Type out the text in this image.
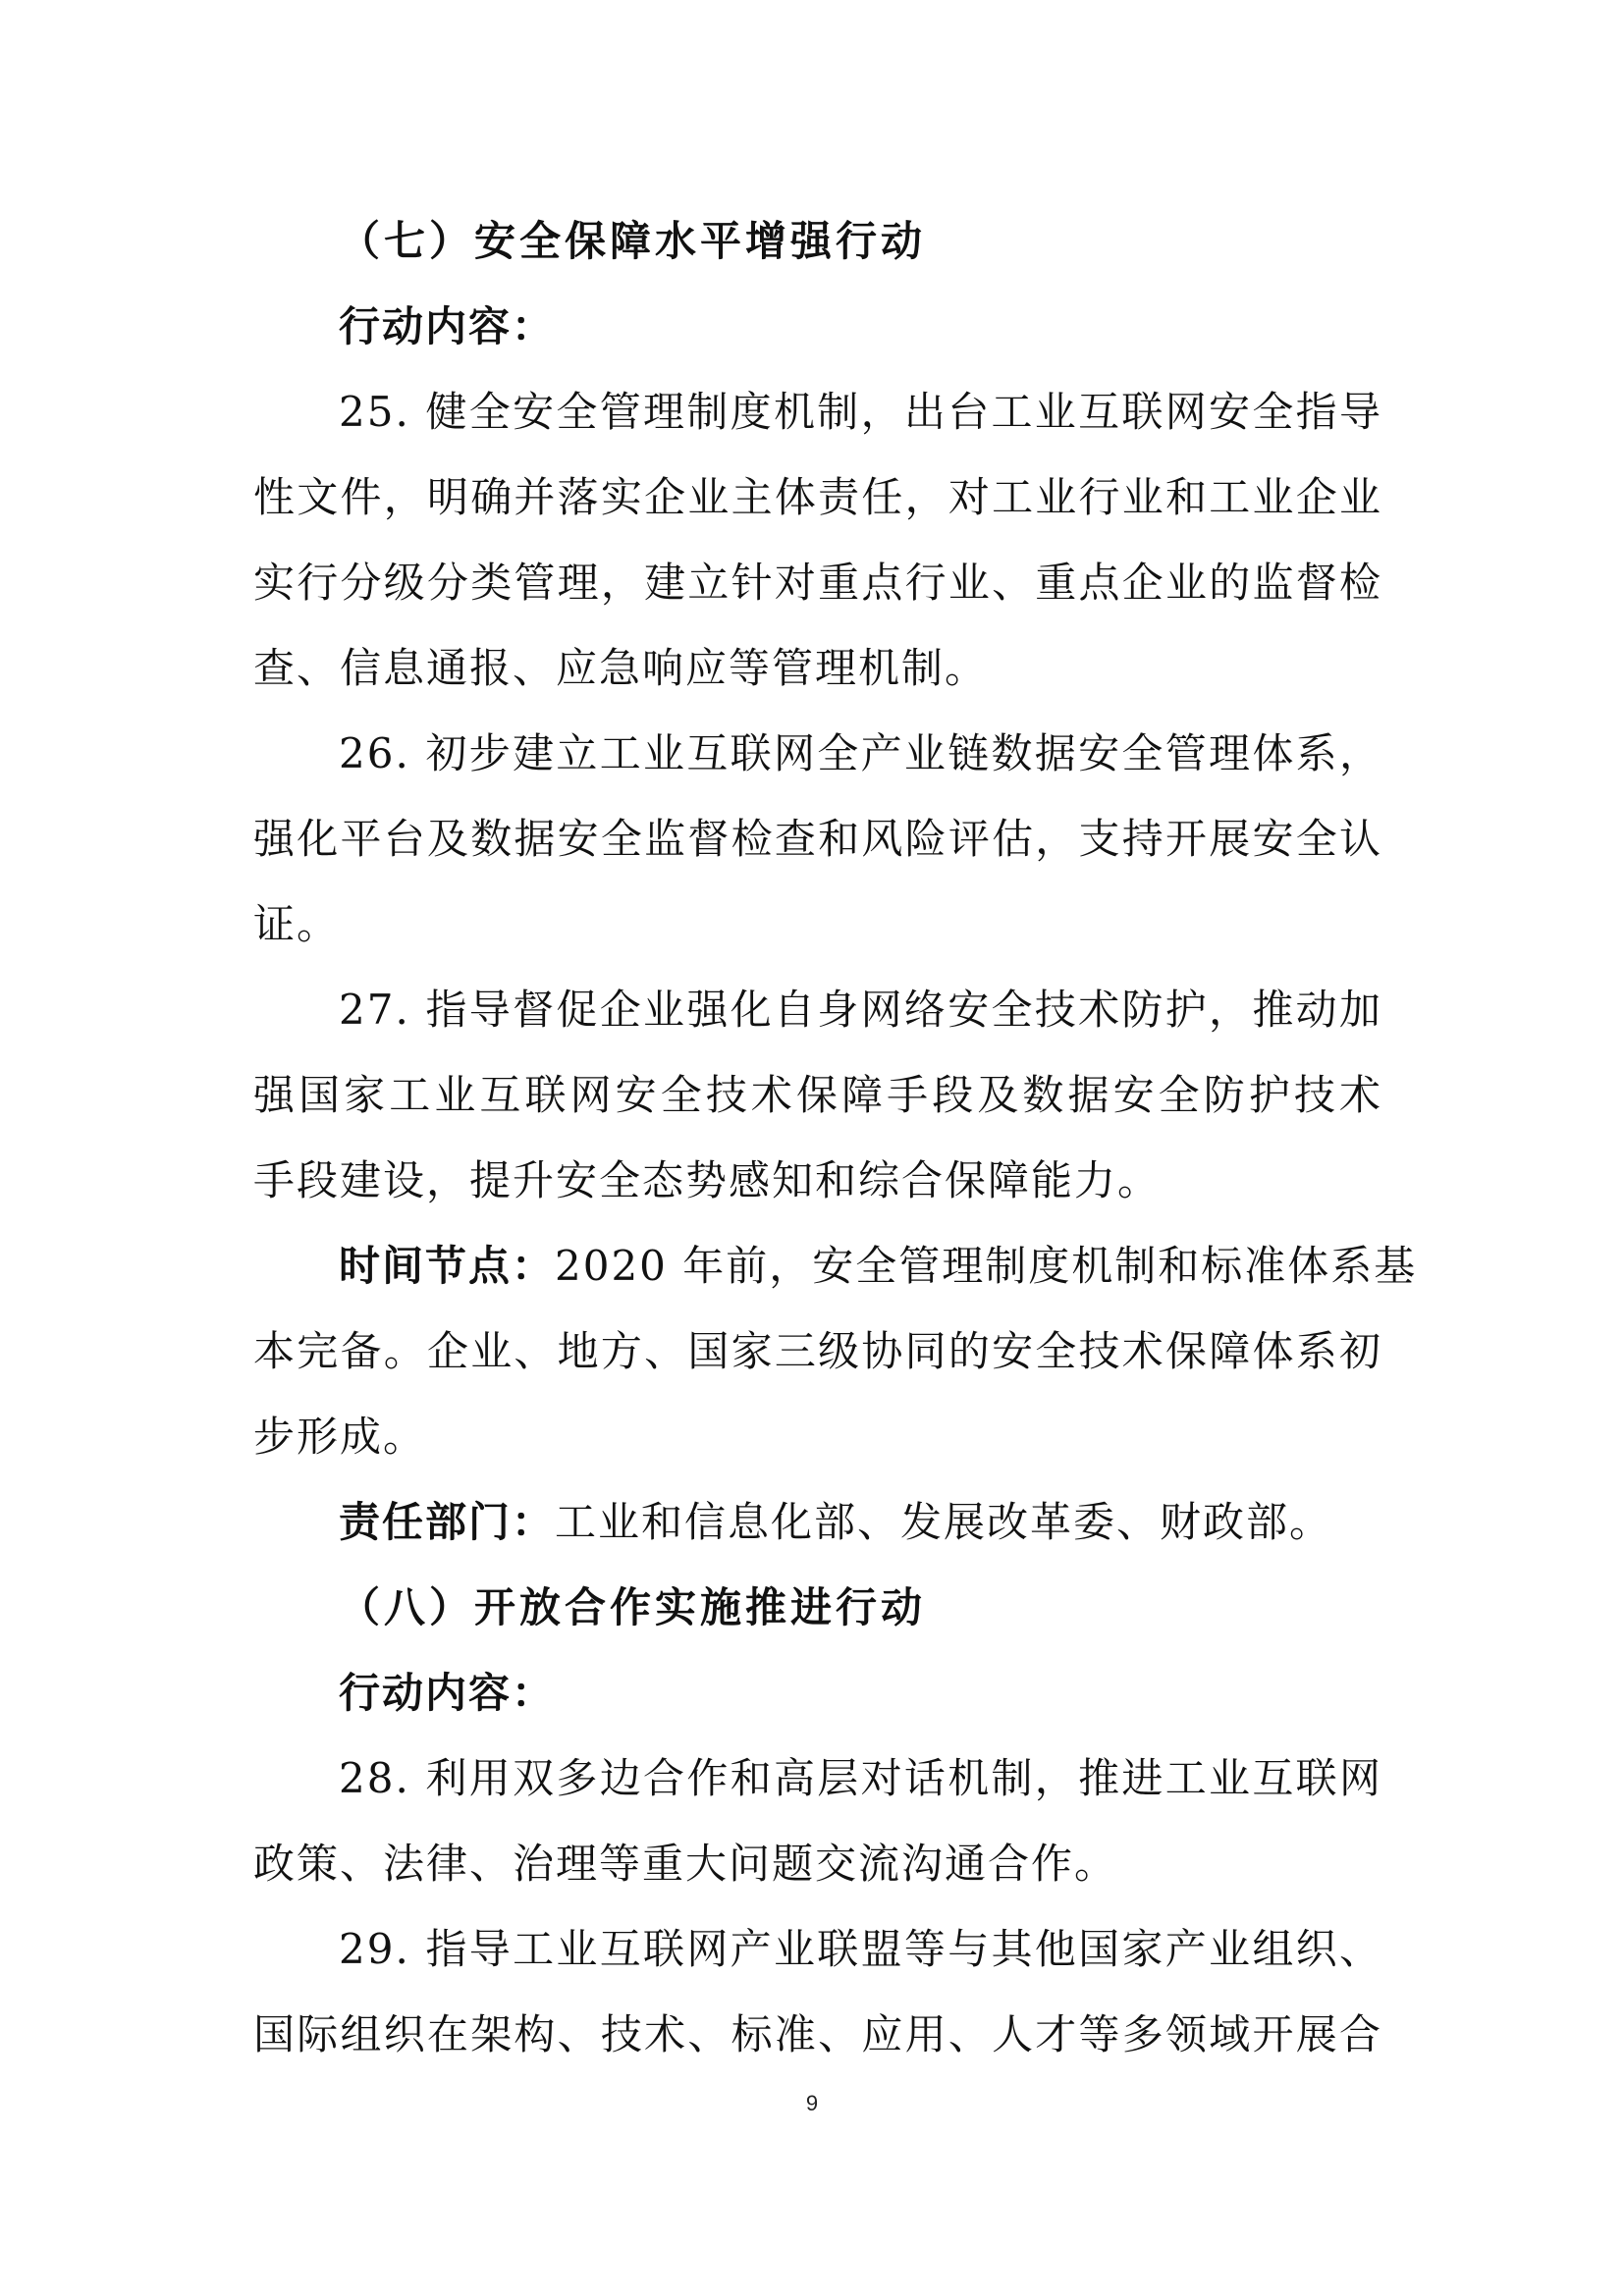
（七）安全保障水平增强行动
行动内容：
25. 健全安全管理制度机制，出台工业互联网安全指导
性文件，明确并落实企业主体责任，对工业行业和工业企业
实行分级分类管理，建立针对重点行业、重点企业的监督检
查、信息通报、应急响应等管理机制。
26. 初步建立工业互联网全产业链数据安全管理体系，
强化平台及数据安全监督检查和风险评估，支持开展安全认
证。
27. 指导督促企业强化自身网络安全技术防护，推动加
强国家工业互联网安全技术保障手段及数据安全防护技术
手段建设，提升安全态势感知和综合保障能力。
时间节点：2020 年前，安全管理制度机制和标准体系基
本完备。企业、地方、国家三级协同的安全技术保障体系初
步形成。
责任部门：工业和信息化部、发展改革委、财政部。
（八）开放合作实施推进行动
行动内容：
28. 利用双多边合作和高层对话机制，推进工业互联网
政策、法律、治理等重大问题交流沟通合作。
29. 指导工业互联网产业联盟等与其他国家产业组织、
国际组织在架构、技术、标准、应用、人才等多领域开展合
9
